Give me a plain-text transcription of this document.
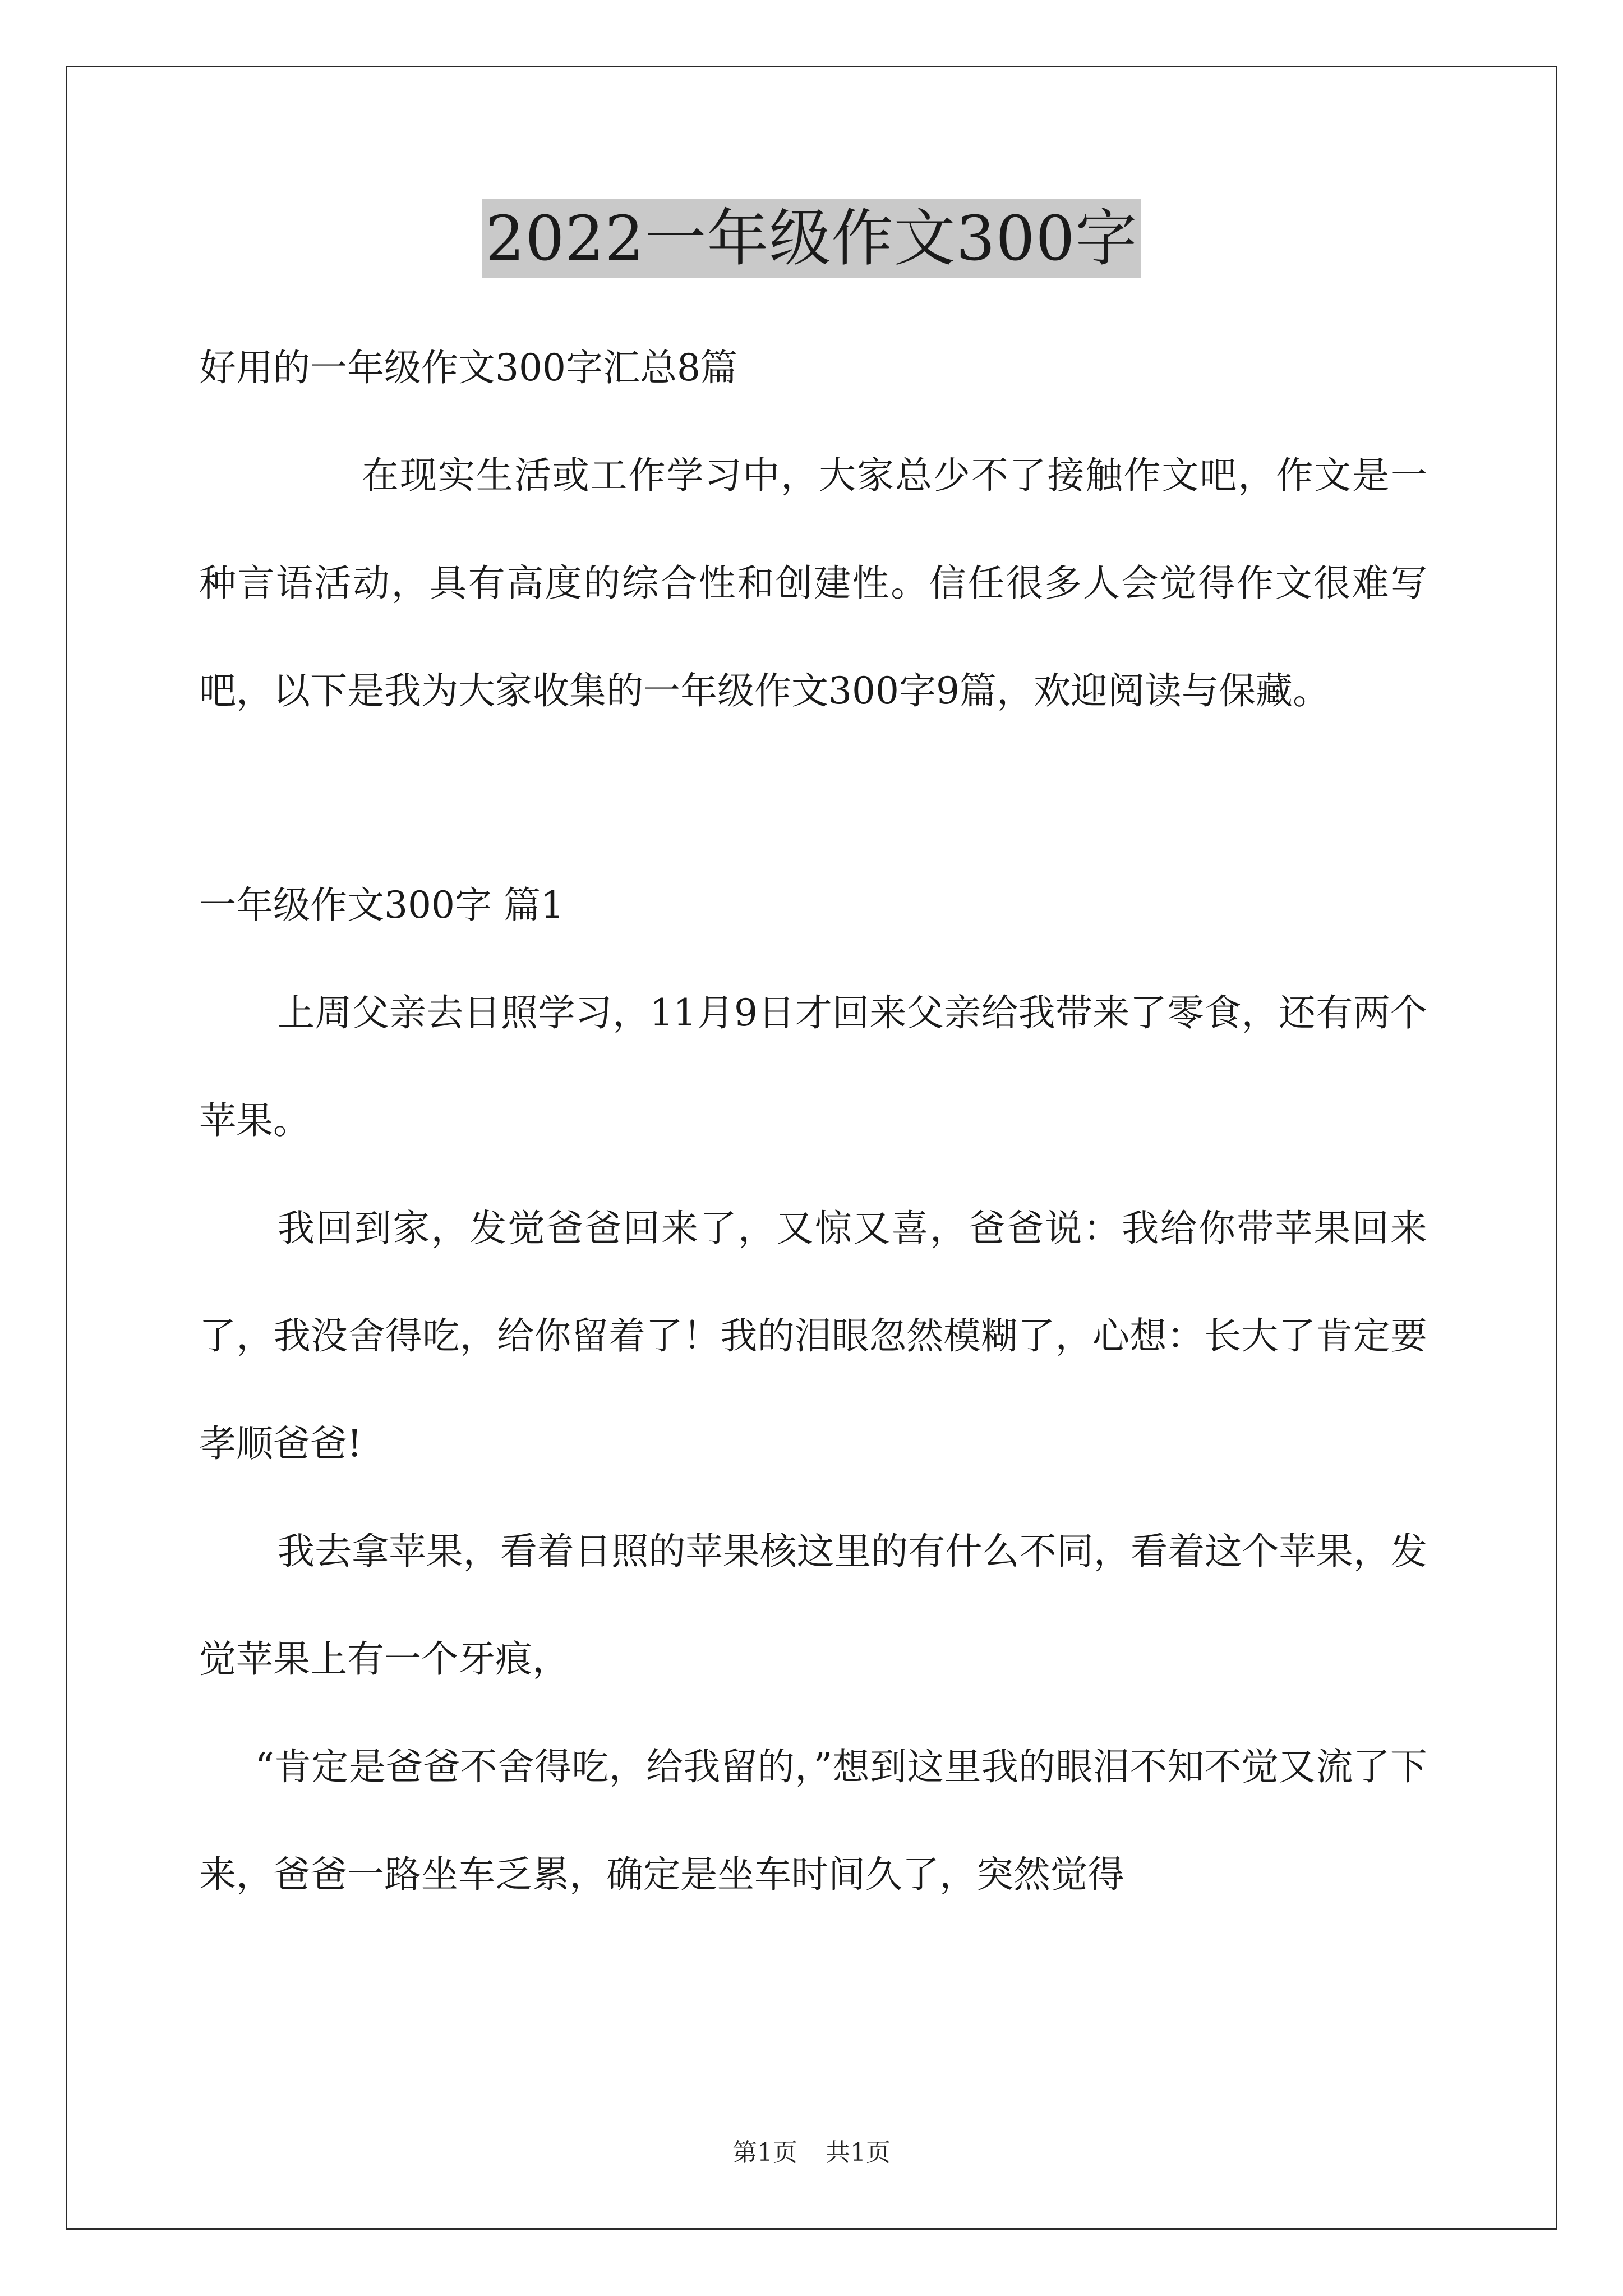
2022一年级作文300字

好用的一年级作文300字汇总8篇

在现实生活或工作学习中，大家总少不了接触作文吧，作文是一种言语活动，具有高度的综合性和创建性。信任很多人会觉得作文很难写吧，以下是我为大家收集的一年级作文300字9篇，欢迎阅读与保藏。

一年级作文300字 篇1

上周父亲去日照学习，11月9日才回来父亲给我带来了零食，还有两个苹果。

我回到家，发觉爸爸回来了，又惊又喜，爸爸说：我给你带苹果回来了，我没舍得吃，给你留着了！我的泪眼忽然模糊了，心想：长大了肯定要孝顺爸爸!

我去拿苹果，看着日照的苹果核这里的有什么不同，看着这个苹果，发觉苹果上有一个牙痕，

“肯定是爸爸不舍得吃，给我留的，”想到这里我的眼泪不知不觉又流了下来，爸爸一路坐车乏累，确定是坐车时间久了，突然觉得

第1页 共1页
